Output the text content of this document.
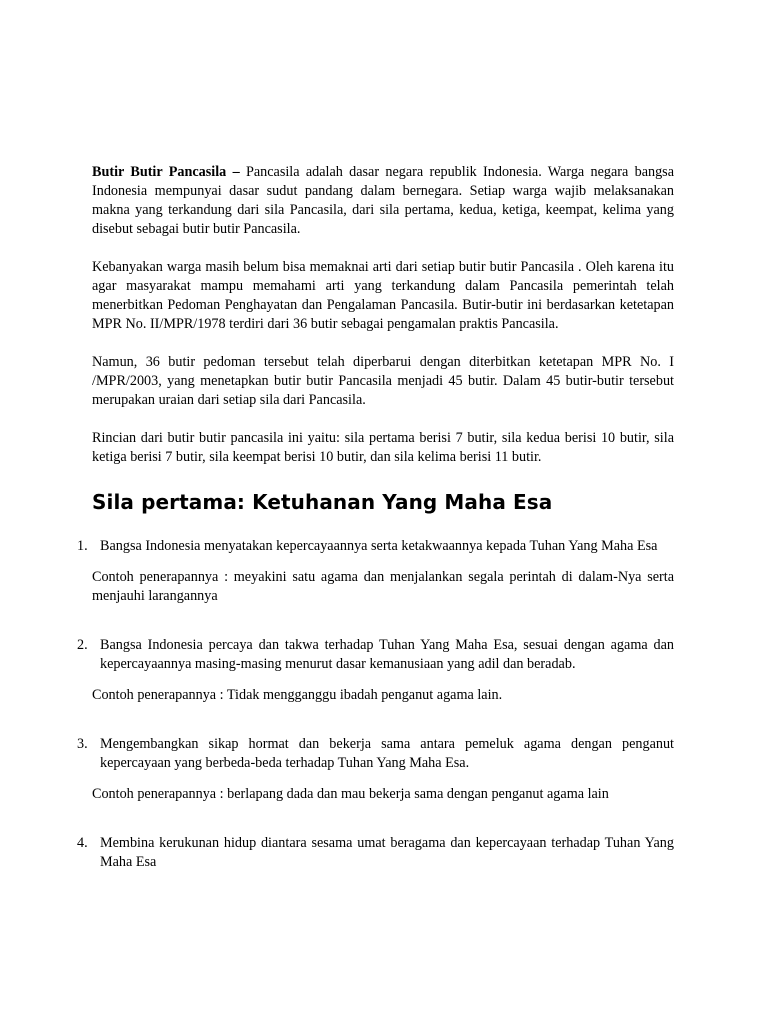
Butir Butir Pancasila – Pancasila adalah dasar negara republik Indonesia. Warga negara bangsa Indonesia mempunyai dasar sudut pandang dalam bernegara. Setiap warga wajib melaksanakan makna yang terkandung dari sila Pancasila, dari sila pertama, kedua, ketiga, keempat, kelima yang disebut sebagai butir butir Pancasila.

Kebanyakan warga masih belum bisa memaknai arti dari setiap butir butir Pancasila . Oleh karena itu agar masyarakat mampu memahami arti yang terkandung dalam Pancasila pemerintah telah menerbitkan Pedoman Penghayatan dan Pengalaman Pancasila. Butir-butir ini berdasarkan ketetapan MPR No. II/MPR/1978 terdiri dari 36 butir sebagai pengamalan praktis Pancasila.

Namun, 36 butir pedoman tersebut telah diperbarui dengan diterbitkan ketetapan MPR No. I /MPR/2003, yang menetapkan butir butir Pancasila menjadi 45 butir. Dalam 45 butir-butir tersebut merupakan uraian dari setiap sila dari Pancasila.

Rincian dari butir butir pancasila ini yaitu: sila pertama berisi 7 butir, sila kedua berisi 10 butir, sila ketiga berisi 7 butir, sila keempat berisi 10 butir, dan sila kelima berisi 11 butir.

Sila pertama: Ketuhanan Yang Maha Esa
1. Bangsa Indonesia menyatakan kepercayaannya serta ketakwaannya kepada Tuhan Yang Maha Esa

Contoh penerapannya : meyakini satu agama dan menjalankan segala perintah di dalam-Nya serta menjauhi larangannya

2. Bangsa Indonesia percaya dan takwa terhadap Tuhan Yang Maha Esa, sesuai dengan agama dan kepercayaannya masing-masing menurut dasar kemanusiaan yang adil dan beradab.

Contoh penerapannya : Tidak mengganggu ibadah penganut agama lain.

3. Mengembangkan sikap hormat dan bekerja sama antara pemeluk agama dengan penganut kepercayaan yang berbeda-beda terhadap Tuhan Yang Maha Esa.

Contoh penerapannya : berlapang dada dan mau bekerja sama dengan penganut agama lain

4. Membina kerukunan hidup diantara sesama umat beragama dan kepercayaan terhadap Tuhan Yang Maha Esa
